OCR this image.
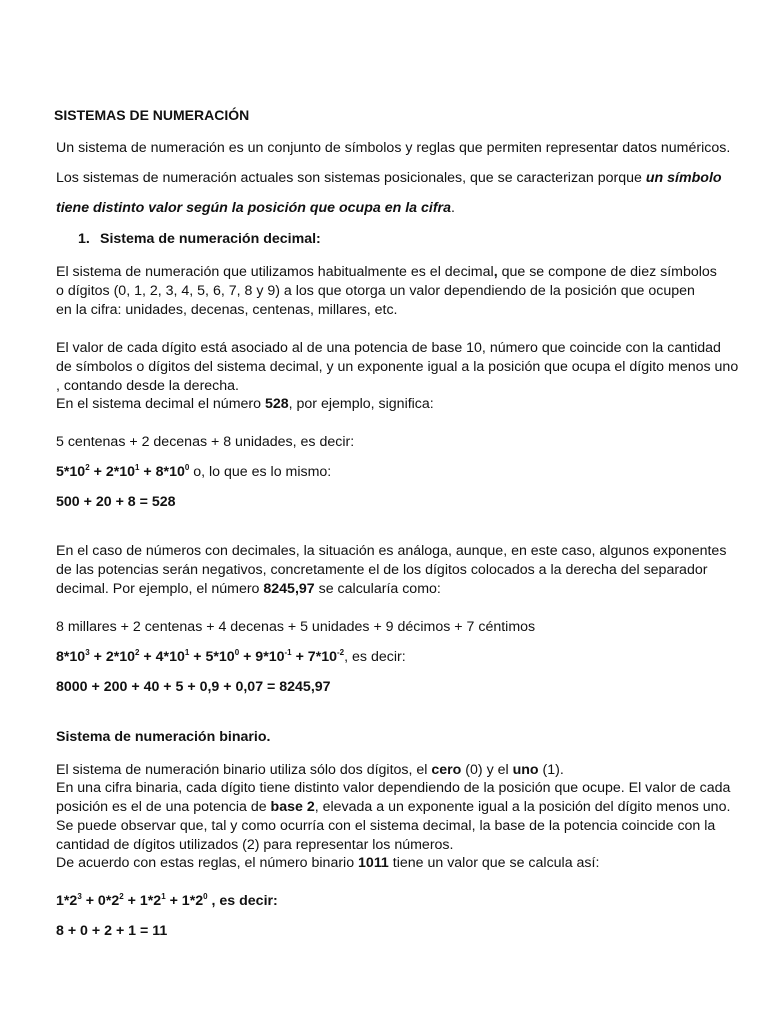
SISTEMAS DE NUMERACIÓN

Un sistema de numeración es un conjunto de símbolos y reglas que permiten representar datos numéricos.

Los sistemas de numeración actuales son sistemas posicionales, que se caracterizan porque un símbolo

tiene distinto valor según la posición que ocupa en la cifra.

1. Sistema de numeración decimal:

El sistema de numeración que utilizamos habitualmente es el decimal, que se compone de diez símbolos

o dígitos (0, 1, 2, 3, 4, 5, 6, 7, 8 y 9) a los que otorga un valor dependiendo de la posición que ocupen

en la cifra: unidades, decenas, centenas, millares, etc.

El valor de cada dígito está asociado al de una potencia de base 10, número que coincide con la cantidad

de símbolos o dígitos del sistema decimal, y un exponente igual a la posición que ocupa el dígito menos uno

, contando desde la derecha.

En el sistema decimal el número 528, por ejemplo, significa:

5 centenas + 2 decenas + 8 unidades, es decir:

$5*10^2 + 2*10^1 + 8*10^0$ o, lo que es lo mismo:

500 + 20 + 8 = 528

En el caso de números con decimales, la situación es análoga, aunque, en este caso, algunos exponentes

de las potencias serán negativos, concretamente el de los dígitos colocados a la derecha del separador

decimal. Por ejemplo, el número 8245,97 se calcularía como:

8 millares + 2 centenas + 4 decenas + 5 unidades + 9 décimos + 7 céntimos

$8*10^3 + 2*10^2 + 4*10^1 + 5*10^0 + 9*10^{-1} + 7*10^{-2}$, es decir:

8000 + 200 + 40 + 5 + 0,9 + 0,07 = 8245,97

Sistema de numeración binario.

El sistema de numeración binario utiliza sólo dos dígitos, el cero (0) y el uno (1).

En una cifra binaria, cada dígito tiene distinto valor dependiendo de la posición que ocupe. El valor de cada

posición es el de una potencia de base 2, elevada a un exponente igual a la posición del dígito menos uno.

Se puede observar que, tal y como ocurría con el sistema decimal, la base de la potencia coincide con la

cantidad de dígitos utilizados (2) para representar los números.

De acuerdo con estas reglas, el número binario 1011 tiene un valor que se calcula así:

$1*2^3 + 0*2^2 + 1*2^1 + 1*2^0$ , es decir:

8 + 0 + 2 + 1 = 11
